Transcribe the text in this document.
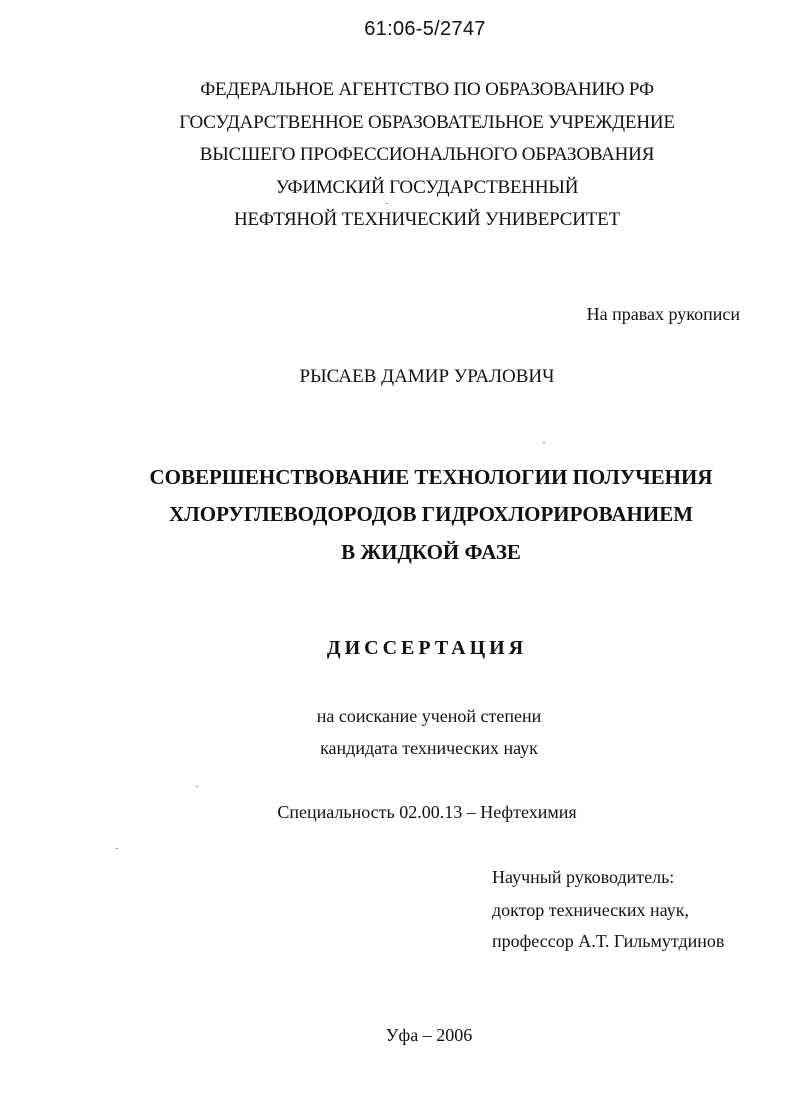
61:06-5/2747
ФЕДЕРАЛЬНОЕ АГЕНТСТВО ПО ОБРАЗОВАНИЮ РФ
ГОСУДАРСТВЕННОЕ ОБРАЗОВАТЕЛЬНОЕ УЧРЕЖДЕНИЕ
ВЫСШЕГО ПРОФЕССИОНАЛЬНОГО ОБРАЗОВАНИЯ
УФИМСКИЙ ГОСУДАРСТВЕННЫЙ
НЕФТЯНОЙ ТЕХНИЧЕСКИЙ УНИВЕРСИТЕТ
На правах рукописи
РЫСАЕВ ДАМИР УРАЛОВИЧ
СОВЕРШЕНСТВОВАНИЕ ТЕХНОЛОГИИ ПОЛУЧЕНИЯ
ХЛОРУГЛЕВОДОРОДОВ ГИДРОХЛОРИРОВАНИЕМ
В ЖИДКОЙ ФАЗЕ
ДИССЕРТАЦИЯ
на соискание ученой степени
кандидата технических наук
Специальность 02.00.13 – Нефтехимия
Научный руководитель:
доктор технических наук,
профессор А.Т. Гильмутдинов
Уфа – 2006
